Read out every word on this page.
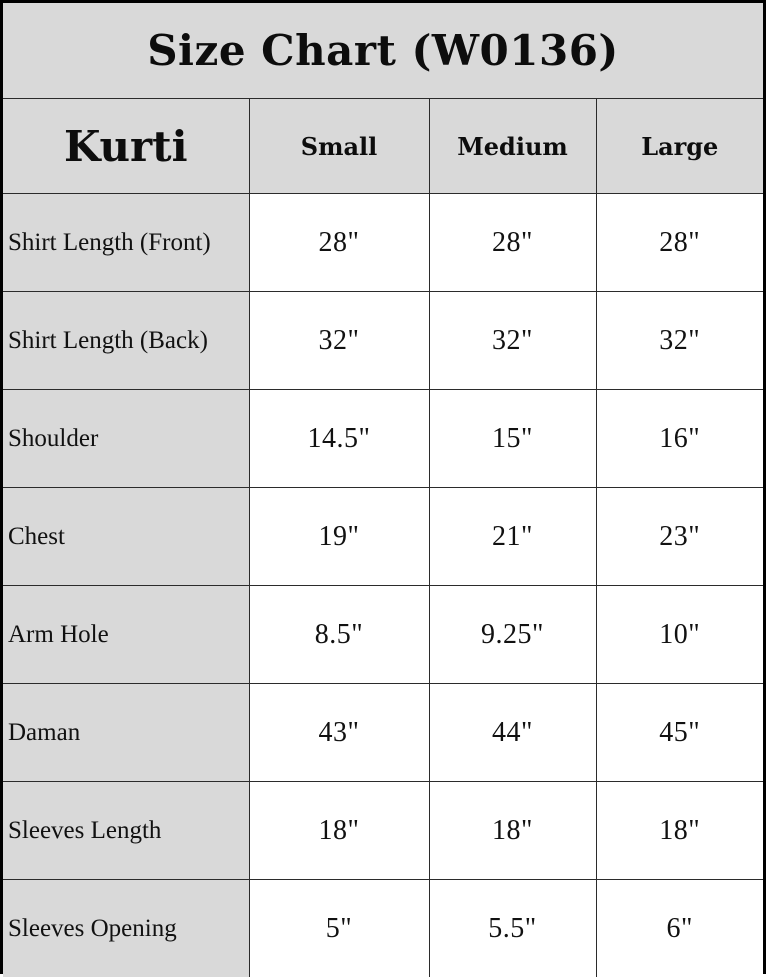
Size Chart (W0136)
Kurti	Small	Medium	Large
Shirt Length (Front)	28"	28"	28"
Shirt Length (Back)	32"	32"	32"
Shoulder	14.5"	15"	16"
Chest	19"	21"	23"
Arm Hole	8.5"	9.25"	10"
Daman	43"	44"	45"
Sleeves Length	18"	18"	18"
Sleeves Opening	5"	5.5"	6"
